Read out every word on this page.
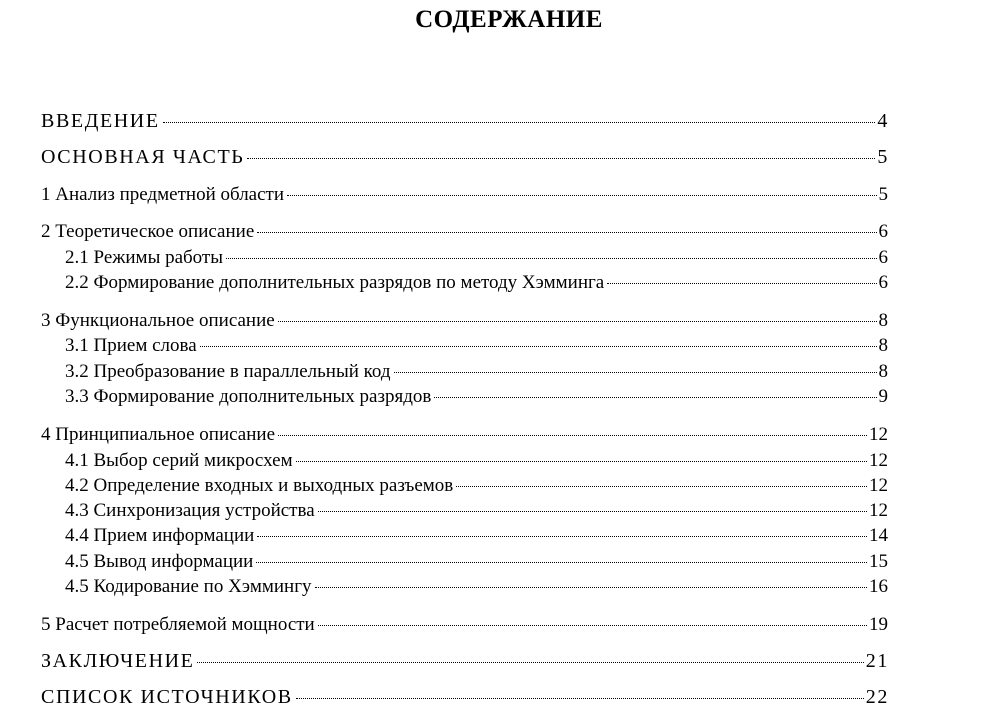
СОДЕРЖАНИЕ
ВВЕДЕНИЕ	4
ОСНОВНАЯ ЧАСТЬ	5
1 Анализ предметной области	5
2 Теоретическое описание	6
2.1 Режимы работы	6
2.2 Формирование дополнительных разрядов по методу Хэмминга	6
3 Функциональное описание	8
3.1 Прием слова	8
3.2 Преобразование в параллельный код	8
3.3 Формирование дополнительных разрядов	9
4 Принципиальное описание	12
4.1 Выбор серий микросхем	12
4.2 Определение входных и выходных разъемов	12
4.3 Синхронизация устройства	12
4.4 Прием информации	14
4.5 Вывод информации	15
4.5 Кодирование по Хэммингу	16
5 Расчет потребляемой мощности	19
ЗАКЛЮЧЕНИЕ	21
СПИСОК ИСТОЧНИКОВ	22
